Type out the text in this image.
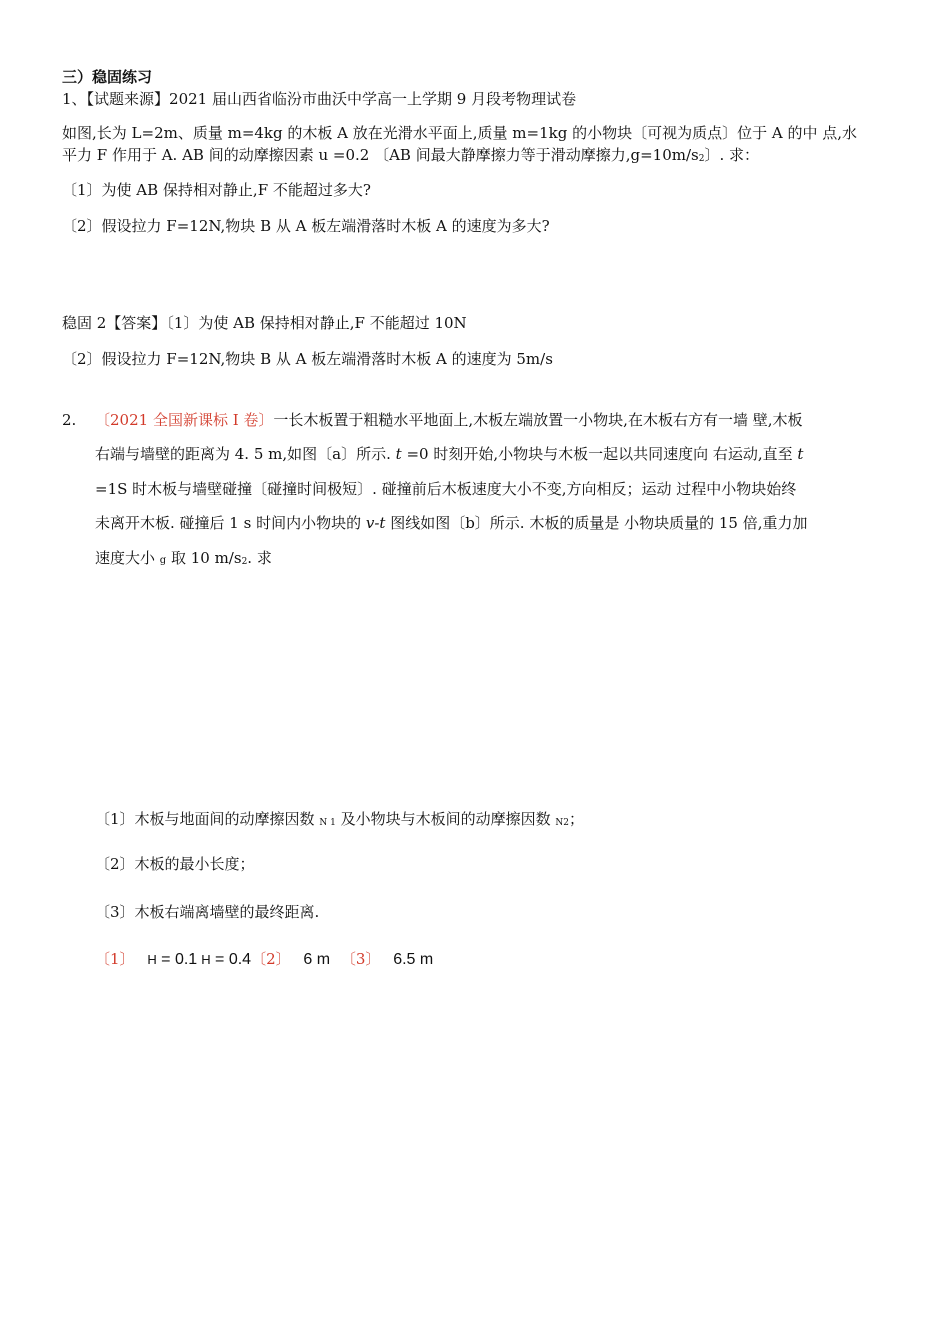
三）稳固练习
1、【试题来源】2021 届山西省临汾市曲沃中学高一上学期 9 月段考物理试卷
如图,长为 L=2m、质量 m=4kg 的木板 A 放在光滑水平面上,质量 m=1kg 的小物块〔可视为质点〕位于 A 的中 点,水
平力 F 作用于 A. AB 间的动摩擦因素 u =0.2 〔AB 间最大静摩擦力等于滑动摩擦力,g=10m/s2〕. 求：
〔1〕为使 AB 保持相对静止,F 不能超过多大?
〔2〕假设拉力 F=12N,物块 B 从 A 板左端滑落时木板 A 的速度为多大?
稳固 2【答案】〔1〕为使 AB 保持相对静止,F 不能超过 10N
〔2〕假设拉力 F=12N,物块 B 从 A 板左端滑落时木板 A 的速度为 5m/s
2. 〔2021 全国新课标 I 卷〕一长木板置于粗糙水平地面上,木板左端放置一小物块,在木板右方有一墙 壁,木板
右端与墙壁的距离为 4. 5 m,如图〔a〕所示. t =0 时刻开始,小物块与木板一起以共同速度向 右运动,直至 t
=1S 时木板与墙壁碰撞〔碰撞时间极短〕. 碰撞前后木板速度大小不变,方向相反；运动 过程中小物块始终
未离开木板. 碰撞后 1 s 时间内小物块的 v-t 图线如图〔b〕所示. 木板的质量是 小物块质量的 15 倍,重力加
速度大小 g 取 10 m/s2. 求
〔1〕木板与地面间的动摩擦因数 N 1 及小物块与木板间的动摩擦因数 N2；
〔2〕木板的最小长度；
〔3〕木板右端离墙壁的最终距离.
〔1〕 H = 0.1 H = 0.4〔2〕 6 m 〔3〕 6.5 m
